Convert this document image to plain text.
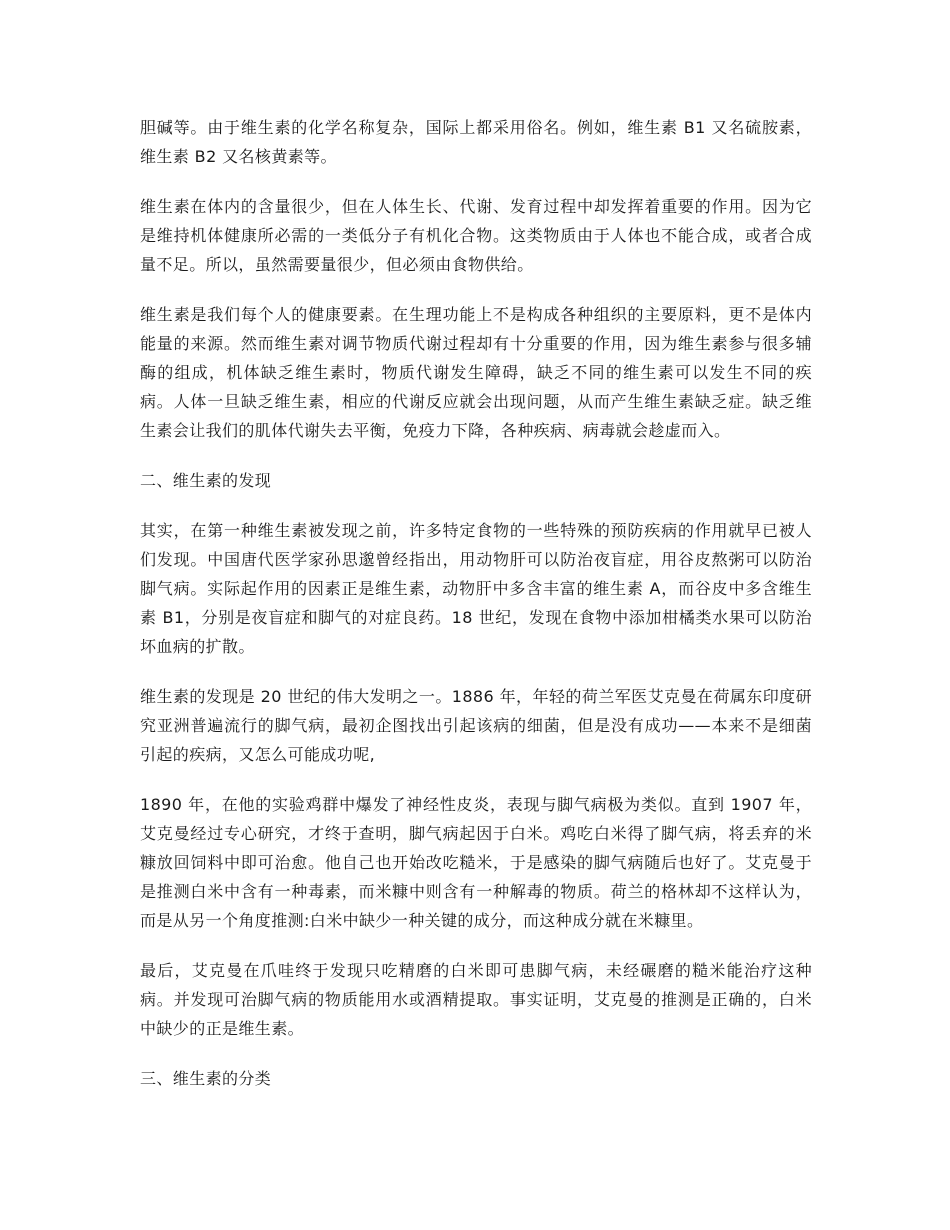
胆碱等。由于维生素的化学名称复杂，国际上都采用俗名。例如，维生素 B1 又名硫胺素，维生素 B2 又名核黄素等。

维生素在体内的含量很少，但在人体生长、代谢、发育过程中却发挥着重要的作用。因为它是维持机体健康所必需的一类低分子有机化合物。这类物质由于人体也不能合成，或者合成量不足。所以，虽然需要量很少，但必须由食物供给。

维生素是我们每个人的健康要素。在生理功能上不是构成各种组织的主要原料，更不是体内能量的来源。然而维生素对调节物质代谢过程却有十分重要的作用，因为维生素参与很多辅酶的组成，机体缺乏维生素时，物质代谢发生障碍，缺乏不同的维生素可以发生不同的疾病。人体一旦缺乏维生素，相应的代谢反应就会出现问题，从而产生维生素缺乏症。缺乏维生素会让我们的肌体代谢失去平衡，免疫力下降，各种疾病、病毒就会趁虚而入。

二、维生素的发现

其实，在第一种维生素被发现之前，许多特定食物的一些特殊的预防疾病的作用就早已被人们发现。中国唐代医学家孙思邈曾经指出，用动物肝可以防治夜盲症，用谷皮熬粥可以防治脚气病。实际起作用的因素正是维生素，动物肝中多含丰富的维生素 A，而谷皮中多含维生素 B1，分别是夜盲症和脚气的对症良药。18 世纪，发现在食物中添加柑橘类水果可以防治坏血病的扩散。

维生素的发现是 20 世纪的伟大发明之一。1886 年，年轻的荷兰军医艾克曼在荷属东印度研究亚洲普遍流行的脚气病，最初企图找出引起该病的细菌，但是没有成功——本来不是细菌引起的疾病，又怎么可能成功呢,

1890 年，在他的实验鸡群中爆发了神经性皮炎，表现与脚气病极为类似。直到 1907 年，艾克曼经过专心研究，才终于查明，脚气病起因于白米。鸡吃白米得了脚气病，将丢弃的米糠放回饲料中即可治愈。他自己也开始改吃糙米，于是感染的脚气病随后也好了。艾克曼于是推测白米中含有一种毒素，而米糠中则含有一种解毒的物质。荷兰的格林却不这样认为，而是从另一个角度推测:白米中缺少一种关键的成分，而这种成分就在米糠里。

最后，艾克曼在爪哇终于发现只吃精磨的白米即可患脚气病，未经碾磨的糙米能治疗这种病。并发现可治脚气病的物质能用水或酒精提取。事实证明，艾克曼的推测是正确的，白米中缺少的正是维生素。

三、维生素的分类
